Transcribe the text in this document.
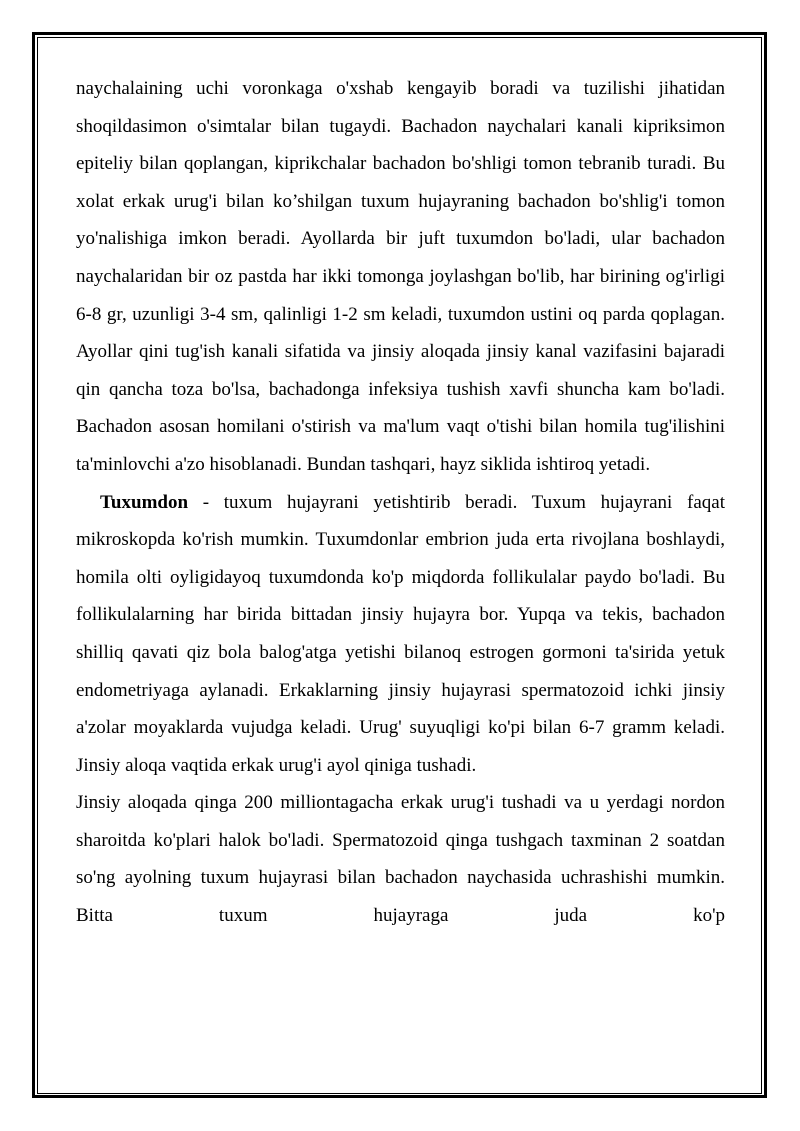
naychalaining uchi voronkaga o'xshab kengayib boradi va tuzilishi jihatidan shoqildasimon o'simtalar bilan tugaydi. Bachadon naychalari kanali kipriksimon epiteliy bilan qoplangan, kiprikchalar bachadon bo'shligi tomon tebranib turadi. Bu xolat erkak urug'i bilan ko’shilgan tuxum hujayraning bachadon bo'shlig'i tomon yo'nalishiga imkon beradi. Ayollarda bir juft tuxumdon bo'ladi, ular bachadon naychalaridan bir oz pastda har ikki tomonga joylashgan bo'lib, har birining og'irligi 6-8 gr, uzunligi 3-4 sm, qalinligi 1-2 sm keladi, tuxumdon ustini oq parda qoplagan. Ayollar qini tug'ish kanali sifatida va jinsiy aloqada jinsiy kanal vazifasini bajaradi qin qancha toza bo'lsa, bachadonga infeksiya tushish xavfi shuncha kam bo'ladi. Bachadon asosan homilani o'stirish va ma'lum vaqt o'tishi bilan homila tug'ilishini ta'minlovchi a'zo hisoblanadi. Bundan tashqari, hayz siklida ishtiroq yetadi.

Tuxumdon - tuxum hujayrani yetishtirib beradi. Tuxum hujayrani faqat mikroskopda ko'rish mumkin. Tuxumdonlar embrion juda erta rivojlana boshlaydi, homila olti oyligidayoq tuxumdonda ko'p miqdorda follikulalar paydo bo'ladi. Bu follikulalarning har birida bittadan jinsiy hujayra bor. Yupqa va tekis, bachadon shilliq qavati qiz bola balog'atga yetishi bilanoq estrogen gormoni ta'sirida yetuk endometriyaga aylanadi. Erkaklarning jinsiy hujayrasi spermatozoid ichki jinsiy a'zolar moyaklarda vujudga keladi. Urug' suyuqligi ko'pi bilan 6-7 gramm keladi. Jinsiy aloqa vaqtida erkak urug'i ayol qiniga tushadi.

Jinsiy aloqada qinga 200 milliontagacha erkak urug'i tushadi va u yerdagi nordon sharoitda ko'plari halok bo'ladi. Spermatozoid qinga tushgach taxminan 2 soatdan so'ng ayolning tuxum hujayrasi bilan bachadon naychasida uchrashishi mumkin. Bitta tuxum hujayraga juda ko'p
